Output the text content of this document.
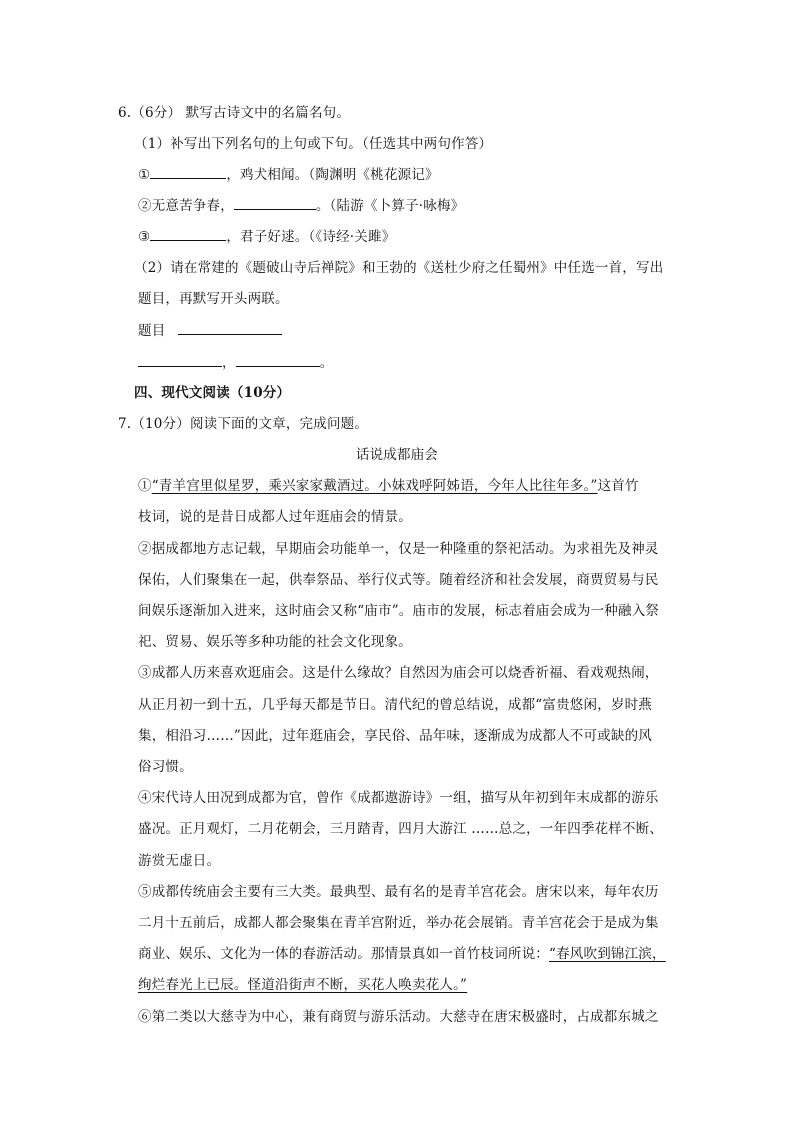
6.（6分） 默写古诗文中的名篇名句。
（1）补写出下列名句的上句或下句。（任选其中两句作答）
①	，鸡犬相闻。（陶渊明《桃花源记》
②无意苦争春，	。（陆游《卜算子·咏梅》
③	，君子好逑。（《诗经·关雎》
（2）请在常建的《题破山寺后禅院》和王勃的《送杜少府之任蜀州》中任选一首，写出
题目，再默写开头两联。
题目
，	。
四、现代文阅读（10分）
7.（10分）阅读下面的文章，完成问题。
话说成都庙会
①“青羊宫里似星罗，乘兴家家戴酒过。小妹戏呼阿姊语，今年人比往年多。”这首竹
枝词，说的是昔日成都人过年逛庙会的情景。
②据成都地方志记载，早期庙会功能单一，仅是一种隆重的祭祀活动。为求祖先及神灵
保佑，人们聚集在一起，供奉祭品、举行仪式等。随着经济和社会发展，商贾贸易与民
间娱乐逐渐加入进来，这时庙会又称“庙市”。庙市的发展，标志着庙会成为一种融入祭
祀、贸易、娱乐等多种功能的社会文化现象。
③成都人历来喜欢逛庙会。这是什么缘故？自然因为庙会可以烧香祈福、看戏观热闹，
从正月初一到十五，几乎每天都是节日。清代纪的曾总结说，成都“富贵悠闲，岁时燕
集，相沿习……”因此，过年逛庙会，享民俗、品年味，逐渐成为成都人不可或缺的风
俗习惯。
④宋代诗人田况到成都为官，曾作《成都遨游诗》一组，描写从年初到年末成都的游乐
盛况。正月观灯，二月花朝会，三月踏青，四月大游江 ……总之，一年四季花样不断、
游赏无虚日。
⑤成都传统庙会主要有三大类。最典型、最有名的是青羊宫花会。唐宋以来，每年农历
二月十五前后，成都人都会聚集在青羊宫附近，举办花会展销。青羊宫花会于是成为集
商业、娱乐、文化为一体的春游活动。那情景真如一首竹枝词所说：“春风吹到锦江滨，
绚烂春光上已辰。怪道沿街声不断，买花人唤卖花人。”
⑥第二类以大慈寺为中心，兼有商贸与游乐活动。大慈寺在唐宋极盛时，占成都东城之
